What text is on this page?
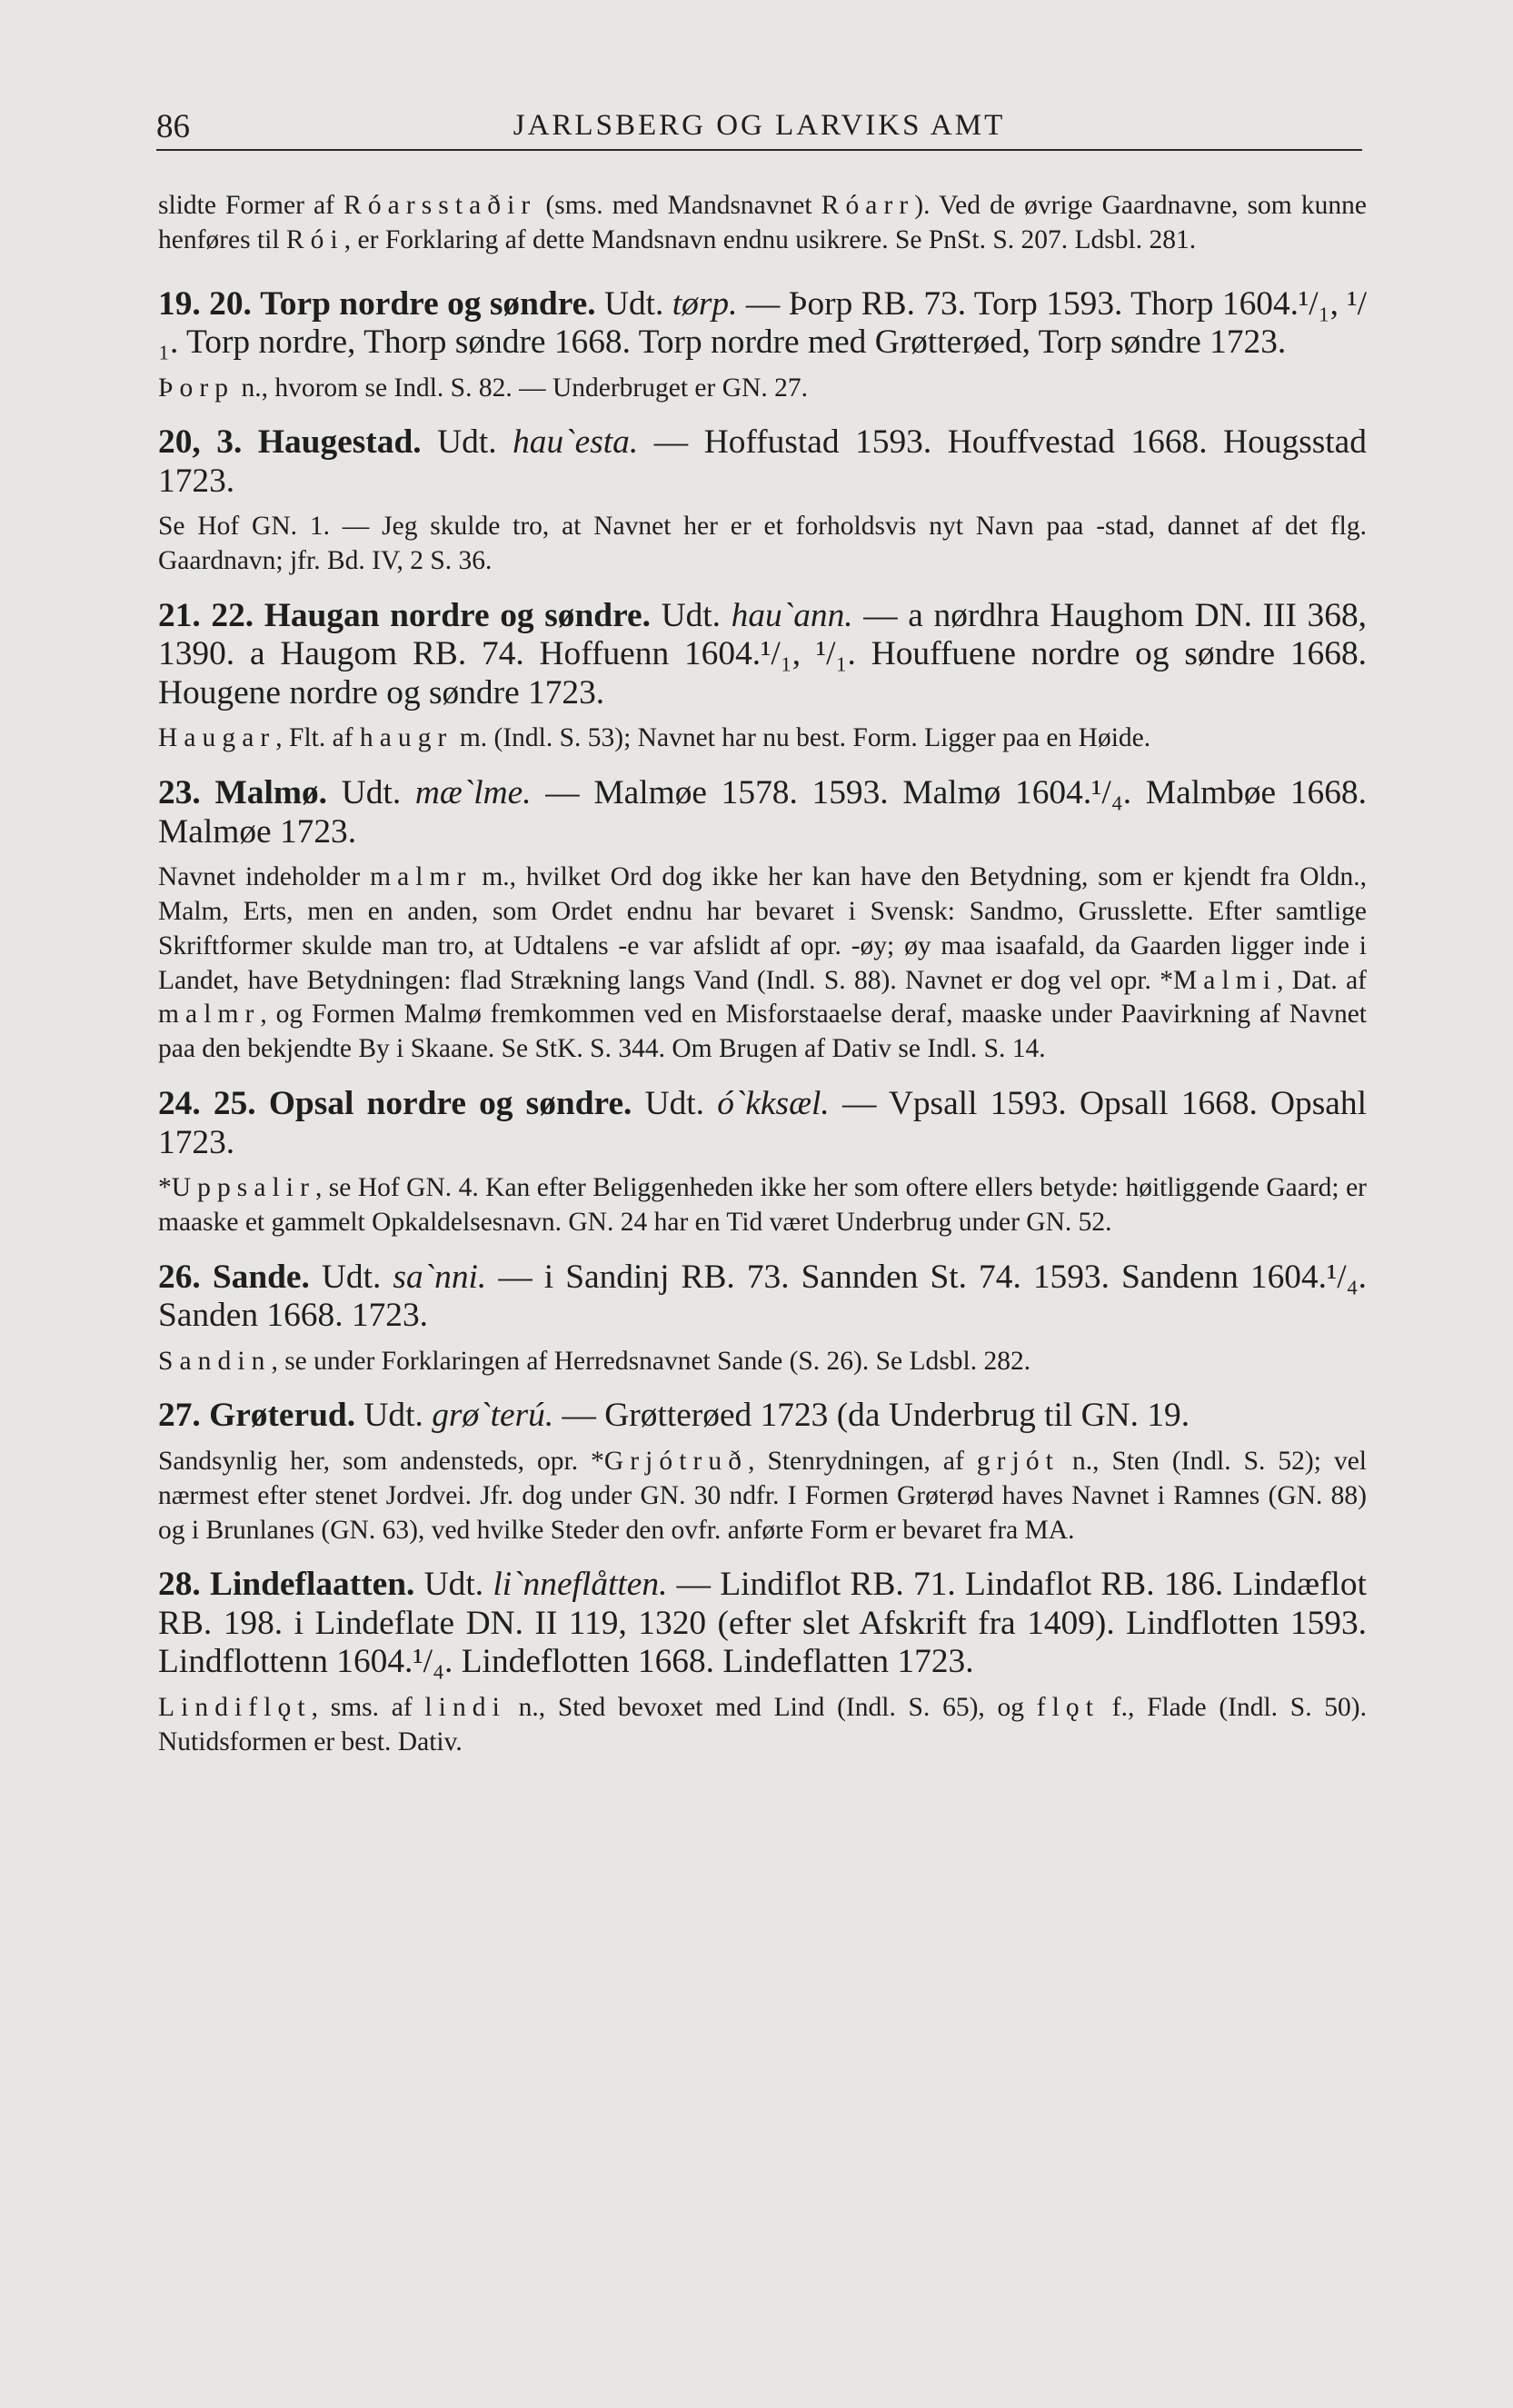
86	JARLSBERG OG LARVIKS AMT
slidte Former af Róarsstaðir (sms. med Mandsnavnet Róarr). Ved de øvrige Gaardnavne, som kunne henføres til Rói, er Forklaring af dette Mandsnavn endnu usikrere. Se PnSt. S. 207. Ldsbl. 281.
19. 20. Torp nordre og søndre. Udt. tørp. — Þorp RB. 73. Torp 1593. Thorp 1604.¹/₁, ¹/₁. Torp nordre, Thorp søndre 1668. Torp nordre med Grøtterøed, Torp søndre 1723.
Þorp n., hvorom se Indl. S. 82. — Underbruget er GN. 27.
20, 3. Haugestad. Udt. hau`esta. — Hoffustad 1593. Houffvestad 1668. Hougsstad 1723.
Se Hof GN. 1. — Jeg skulde tro, at Navnet her er et forholdsvis nyt Navn paa -stad, dannet af det flg. Gaardnavn; jfr. Bd. IV, 2 S. 36.
21. 22. Haugan nordre og søndre. Udt. hau`ann. — a nørdhra Haughom DN. III 368, 1390. a Haugom RB. 74. Hoffuenn 1604.¹/₁, ¹/₁. Houffuene nordre og søndre 1668. Hougene nordre og søndre 1723.
Haugar, Flt. af haugr m. (Indl. S. 53); Navnet har nu best. Form. Ligger paa en Høide.
23. Malmø. Udt. mæ`lme. — Malmøe 1578. 1593. Malmø 1604.¹/₄. Malmbøe 1668. Malmøe 1723.
Navnet indeholder malmr m., hvilket Ord dog ikke her kan have den Betydning, som er kjendt fra Oldn., Malm, Erts, men en anden, som Ordet endnu har bevaret i Svensk: Sandmo, Grusslette. Efter samtlige Skriftformer skulde man tro, at Udtalens -e var afslidt af opr. -øy; øy maa isaafald, da Gaarden ligger inde i Landet, have Betydningen: flad Strækning langs Vand (Indl. S. 88). Navnet er dog vel opr. *Malmi, Dat. af malmr, og Formen Malmø fremkommen ved en Misforstaaelse deraf, maaske under Paavirkning af Navnet paa den bekjendte By i Skaane. Se StK. S. 344. Om Brugen af Dativ se Indl. S. 14.
24. 25. Opsal nordre og søndre. Udt. ó`kksæl. — Vpsall 1593. Opsall 1668. Opsahl 1723.
*Uppsalir, se Hof GN. 4. Kan efter Beliggenheden ikke her som oftere ellers betyde: høitliggende Gaard; er maaske et gammelt Opkaldelsesnavn. GN. 24 har en Tid været Underbrug under GN. 52.
26. Sande. Udt. sa`nni. — i Sandinj RB. 73. Sannden St. 74. 1593. Sandenn 1604.¹/₄. Sanden 1668. 1723.
Sandin, se under Forklaringen af Herredsnavnet Sande (S. 26). Se Ldsbl. 282.
27. Grøterud. Udt. grø`terú. — Grøtterøed 1723 (da Underbrug til GN. 19.
Sandsynlig her, som andensteds, opr. *Grjótruð, Stenrydningen, af grjót n., Sten (Indl. S. 52); vel nærmest efter stenet Jordvei. Jfr. dog under GN. 30 ndfr. I Formen Grøterød haves Navnet i Ramnes (GN. 88) og i Brunlanes (GN. 63), ved hvilke Steder den ovfr. anførte Form er bevaret fra MA.
28. Lindeflaatten. Udt. li`nneflåtten. — Lindiflot RB. 71. Lindaflot RB. 186. Lindæflot RB. 198. i Lindeflate DN. II 119, 1320 (efter slet Afskrift fra 1409). Lindflotten 1593. Lindflottenn 1604.¹/₄. Lindeflotten 1668. Lindeflatten 1723.
Lindiflǫt, sms. af lindi n., Sted bevoxet med Lind (Indl. S. 65), og flǫt f., Flade (Indl. S. 50). Nutidsformen er best. Dativ.
